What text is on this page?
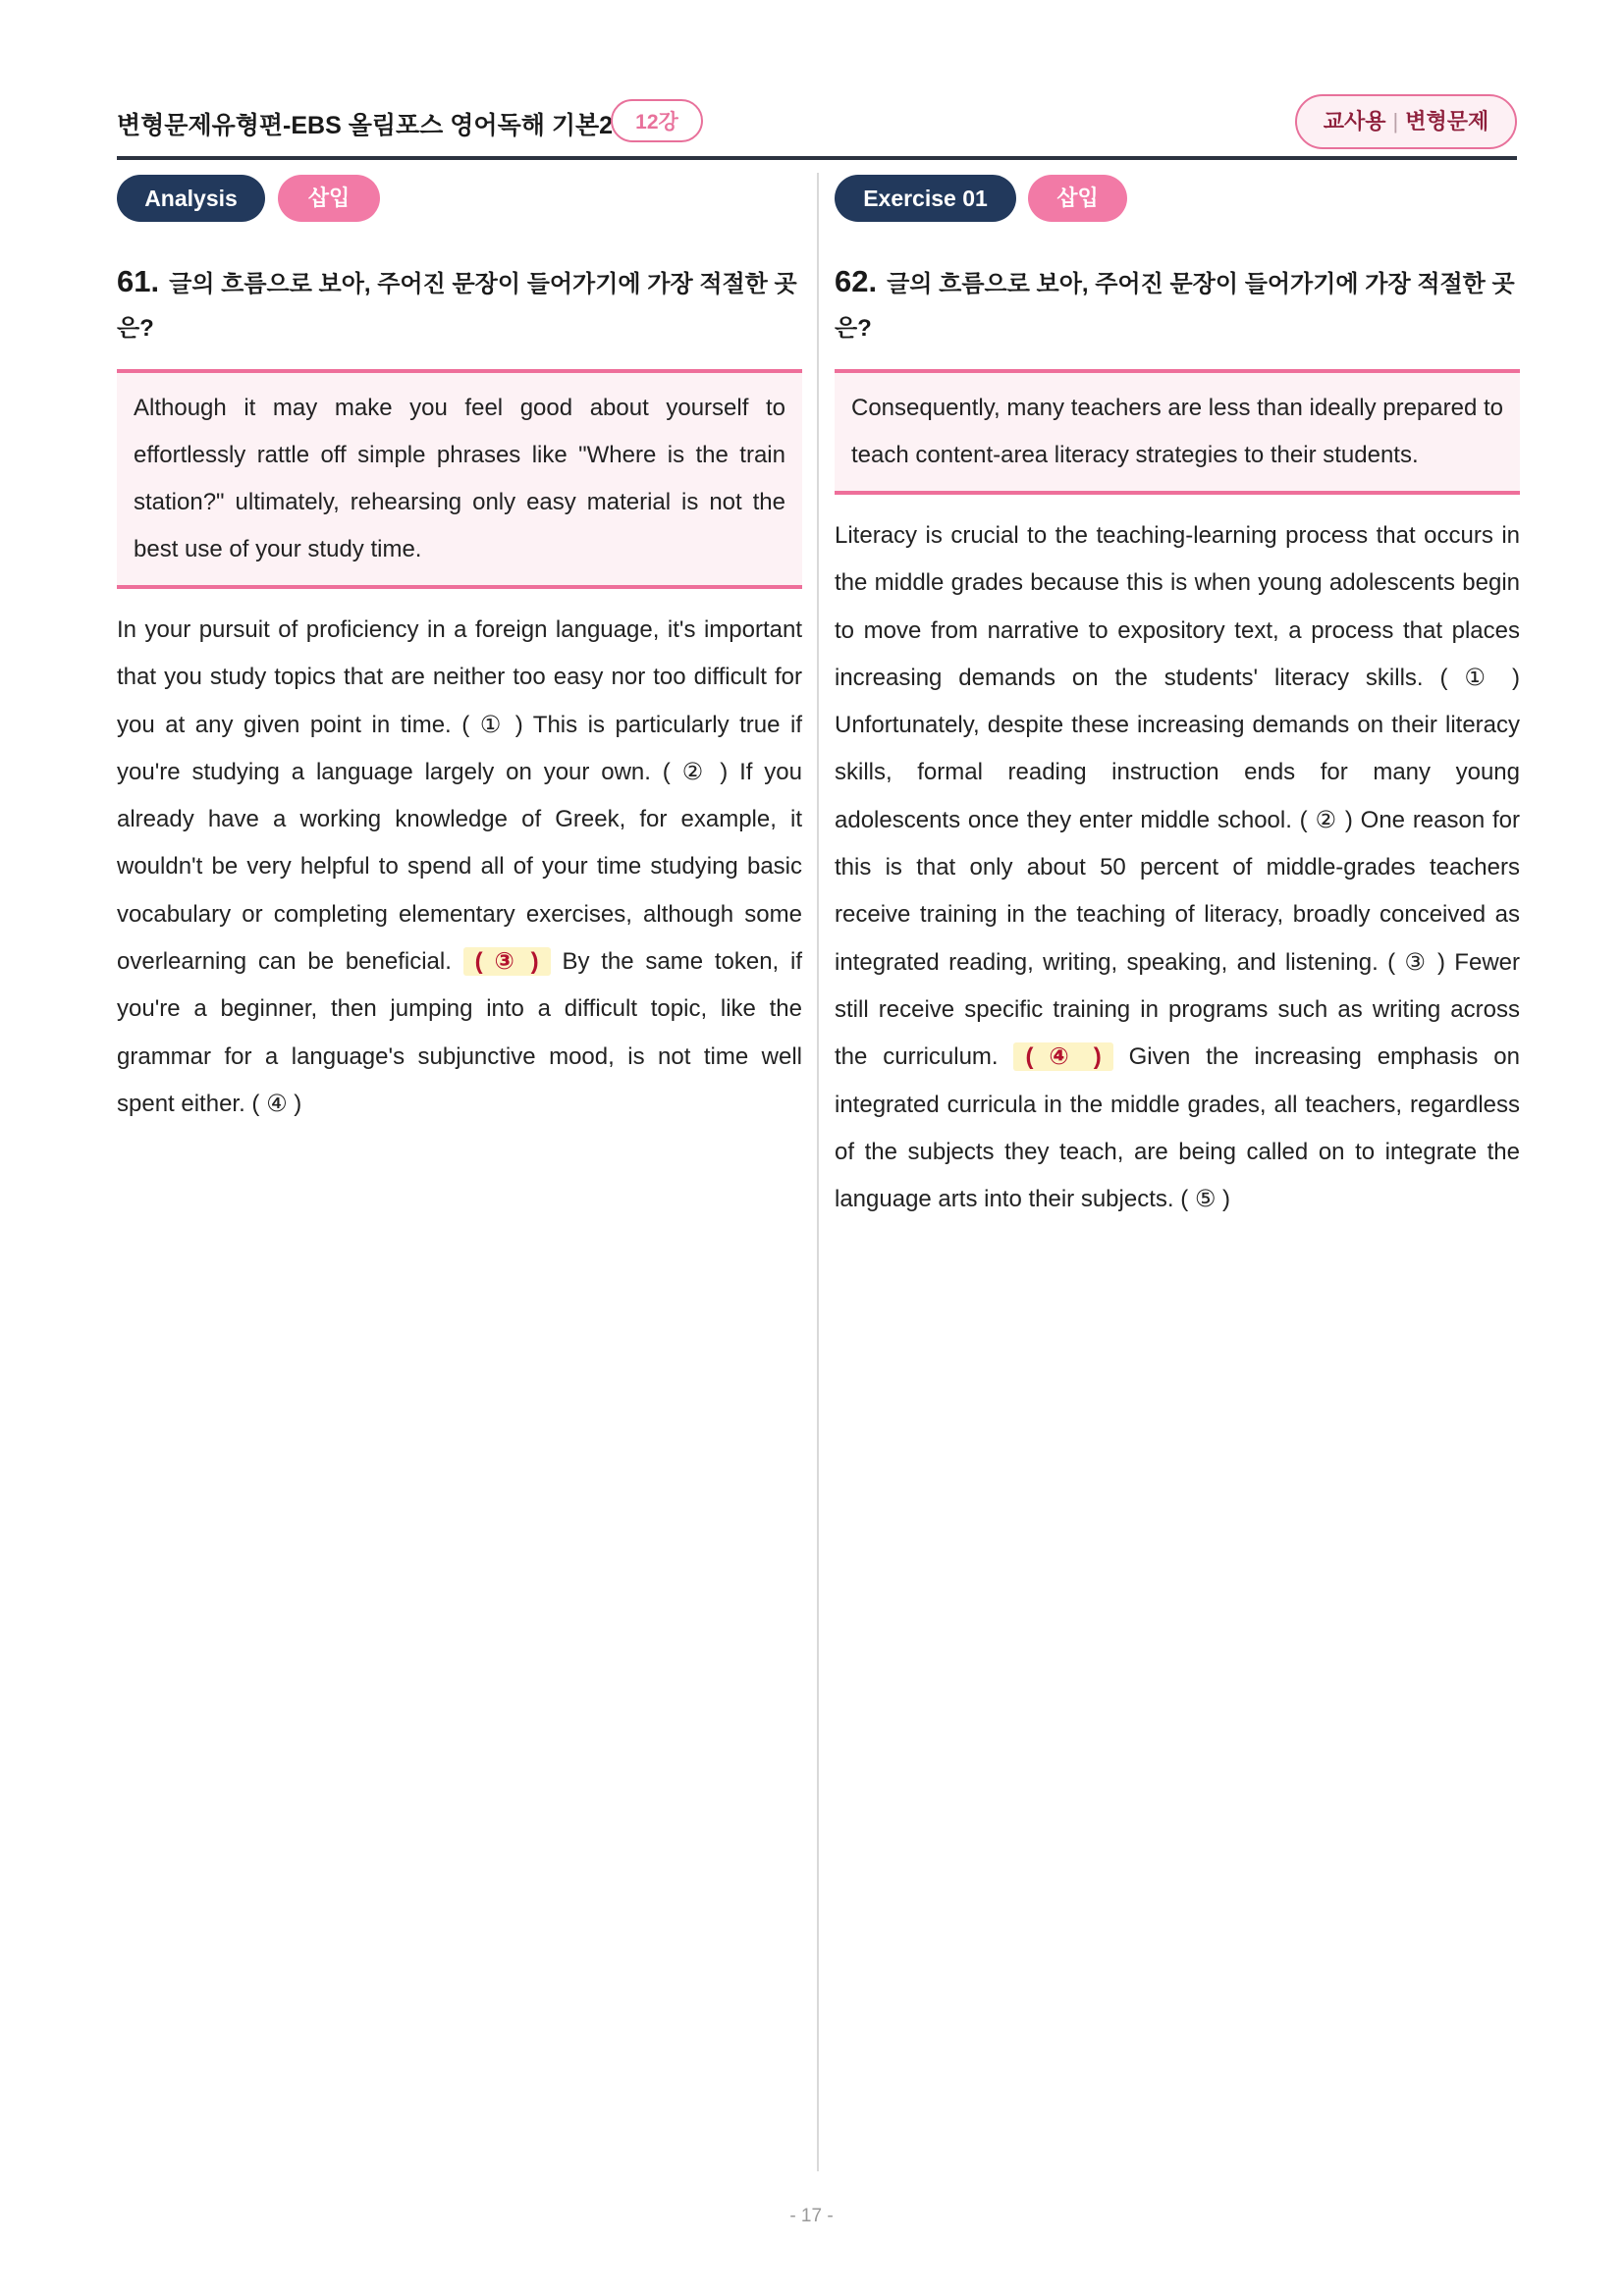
변형문제유형편-EBS 올림포스 영어독해 기본2	12강	교사용 | 변형문제
Analysis	삽입
61. 글의 흐름으로 보아, 주어진 문장이 들어가기에 가장 적절한 곳은?
Although it may make you feel good about yourself to effortlessly rattle off simple phrases like "Where is the train station?" ultimately, rehearsing only easy material is not the best use of your study time.
In your pursuit of proficiency in a foreign language, it's important that you study topics that are neither too easy nor too difficult for you at any given point in time. ( ① ) This is particularly true if you're studying a language largely on your own. ( ② ) If you already have a working knowledge of Greek, for example, it wouldn't be very helpful to spend all of your time studying basic vocabulary or completing elementary exercises, although some overlearning can be beneficial. ( ③ ) By the same token, if you're a beginner, then jumping into a difficult topic, like the grammar for a language's subjunctive mood, is not time well spent either. ( ④ )
Exercise 01	삽입
62. 글의 흐름으로 보아, 주어진 문장이 들어가기에 가장 적절한 곳은?
Consequently, many teachers are less than ideally prepared to teach content-area literacy strategies to their students.
Literacy is crucial to the teaching-learning process that occurs in the middle grades because this is when young adolescents begin to move from narrative to expository text, a process that places increasing demands on the students' literacy skills. ( ① ) Unfortunately, despite these increasing demands on their literacy skills, formal reading instruction ends for many young adolescents once they enter middle school. ( ② ) One reason for this is that only about 50 percent of middle-grades teachers receive training in the teaching of literacy, broadly conceived as integrated reading, writing, speaking, and listening. ( ③ ) Fewer still receive specific training in programs such as writing across the curriculum. ( ④ ) Given the increasing emphasis on integrated curricula in the middle grades, all teachers, regardless of the subjects they teach, are being called on to integrate the language arts into their subjects. ( ⑤ )
- 17 -
